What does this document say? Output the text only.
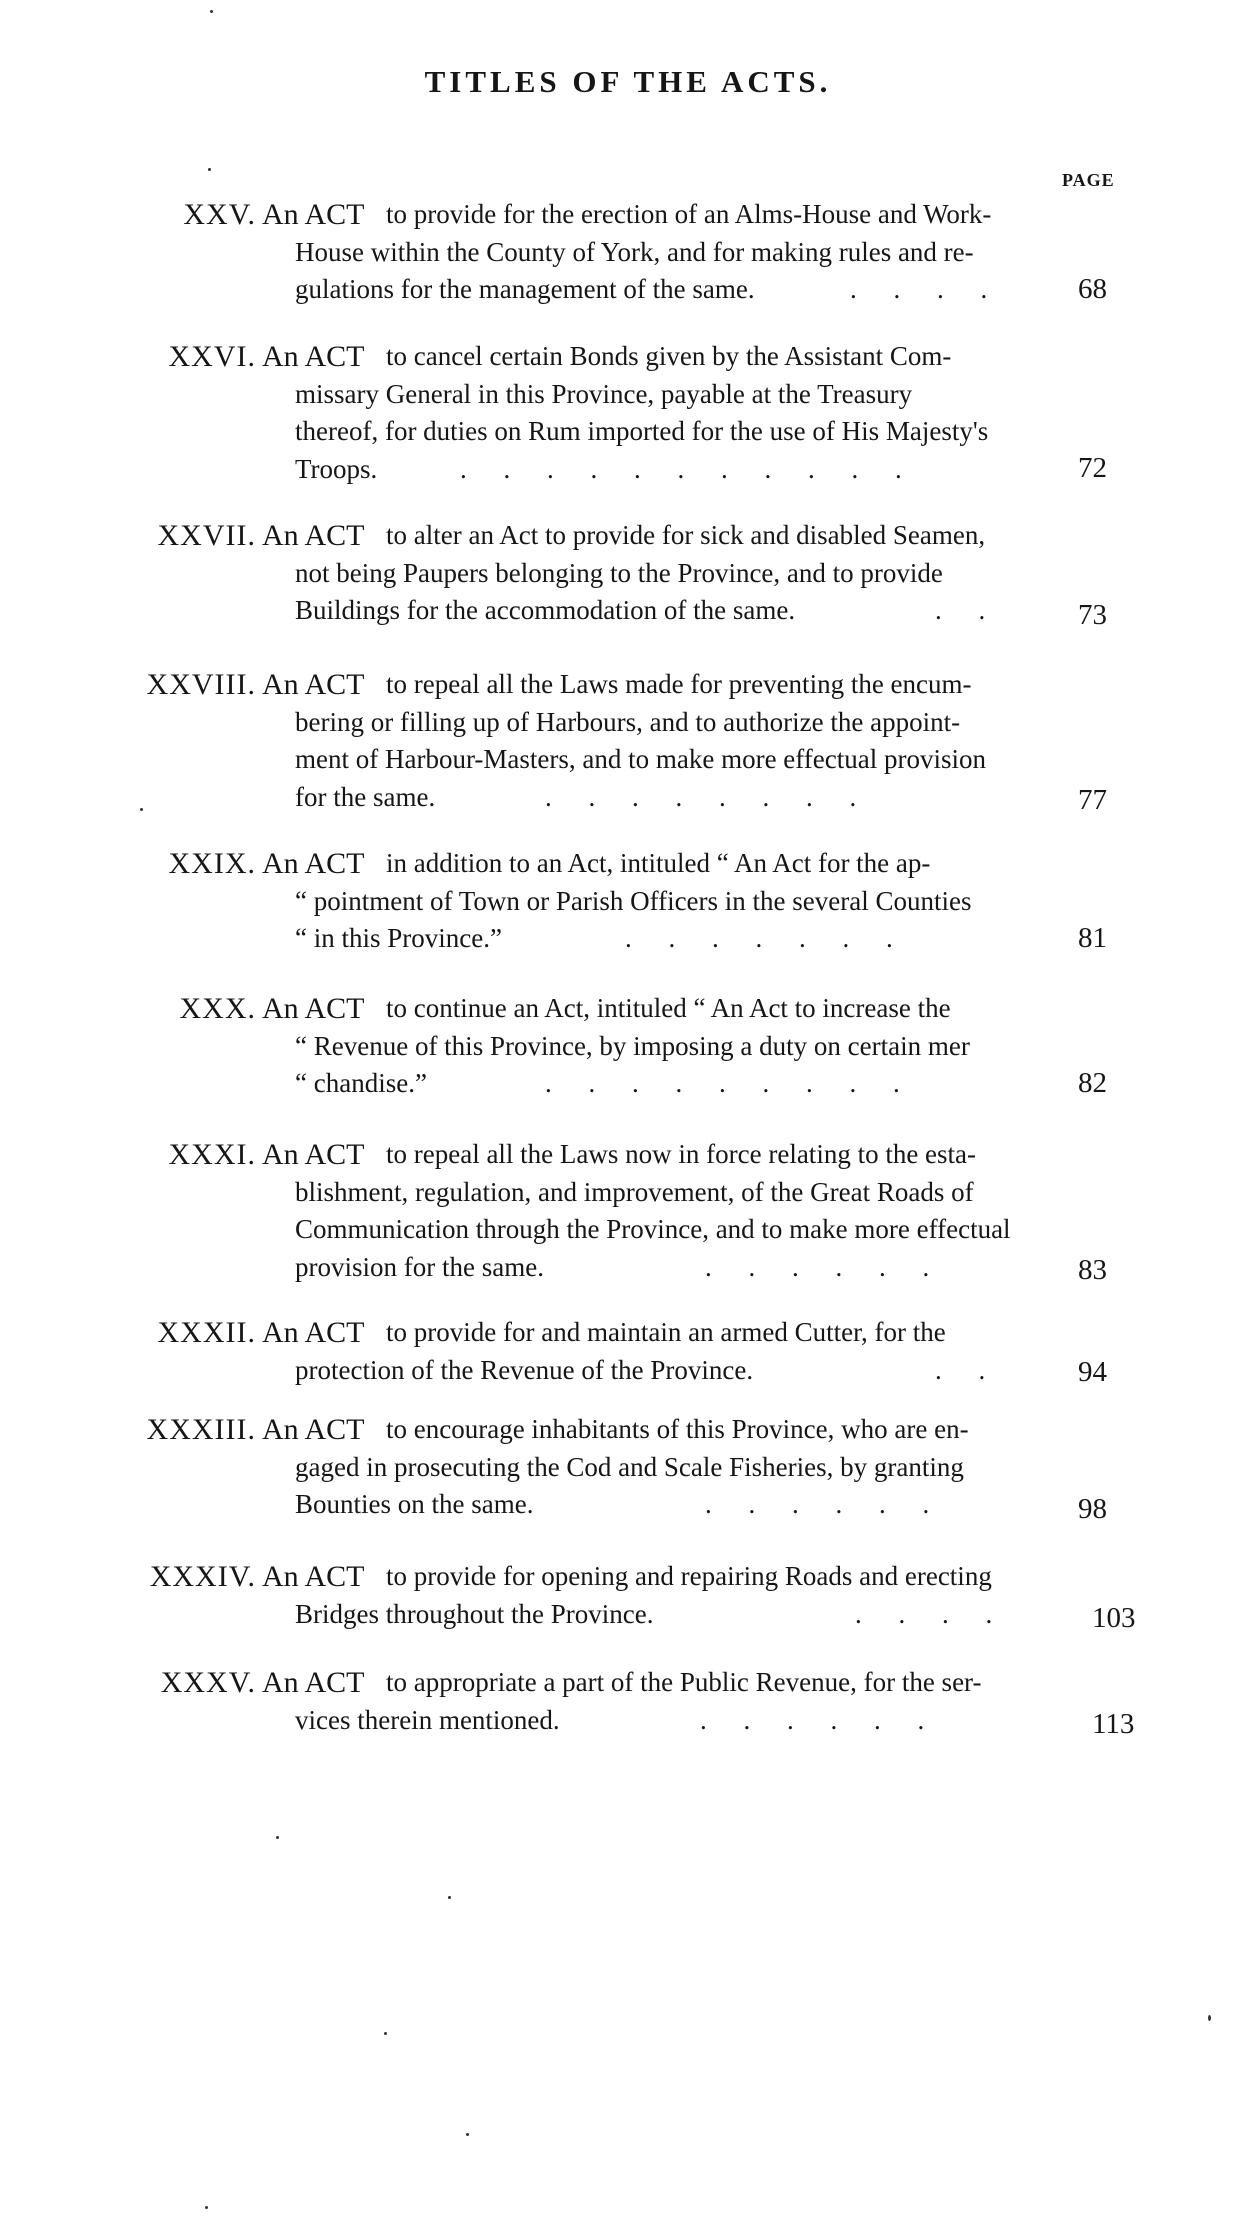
TITLES OF THE ACTS.
PAGE
XXV. An ACT to provide for the erection of an Alms-House and Work-
House within the County of York, and for making rules and re-
gulations for the management of the same.	. . . .	68
XXVI. An ACT to cancel certain Bonds given by the Assistant Com-
missary General in this Province, payable at the Treasury
thereof, for duties on Rum imported for the use of His Majesty's
Troops.	. . . . . . . . . . .	72
XXVII. An ACT to alter an Act to provide for sick and disabled Seamen,
not being Paupers belonging to the Province, and to provide
Buildings for the accommodation of the same.	. .	73
XXVIII. An ACT to repeal all the Laws made for preventing the encum-
bering or filling up of Harbours, and to authorize the appoint-
ment of Harbour-Masters, and to make more effectual provision
for the same.	. . . . . . . .	77
XXIX. An ACT in addition to an Act, intituled “ An Act for the ap-
“ pointment of Town or Parish Officers in the several Counties
“ in this Province.”	. . . . . . .	81
XXX. An ACT to continue an Act, intituled “ An Act to increase the
“ Revenue of this Province, by imposing a duty on certain mer
“ chandise.”	. . . . . . . . .	82
XXXI. An ACT to repeal all the Laws now in force relating to the esta-
blishment, regulation, and improvement, of the Great Roads of
Communication through the Province, and to make more effectual
provision for the same.	. . . . . .	83
XXXII. An ACT to provide for and maintain an armed Cutter, for the
protection of the Revenue of the Province.	. .	94
XXXIII. An ACT to encourage inhabitants of this Province, who are en-
gaged in prosecuting the Cod and Scale Fisheries, by granting
Bounties on the same.	. . . . . .	98
XXXIV. An ACT to provide for opening and repairing Roads and erecting
Bridges throughout the Province.	. . . .	103
XXXV. An ACT to appropriate a part of the Public Revenue, for the ser-
vices therein mentioned.	. . . . . .	113
